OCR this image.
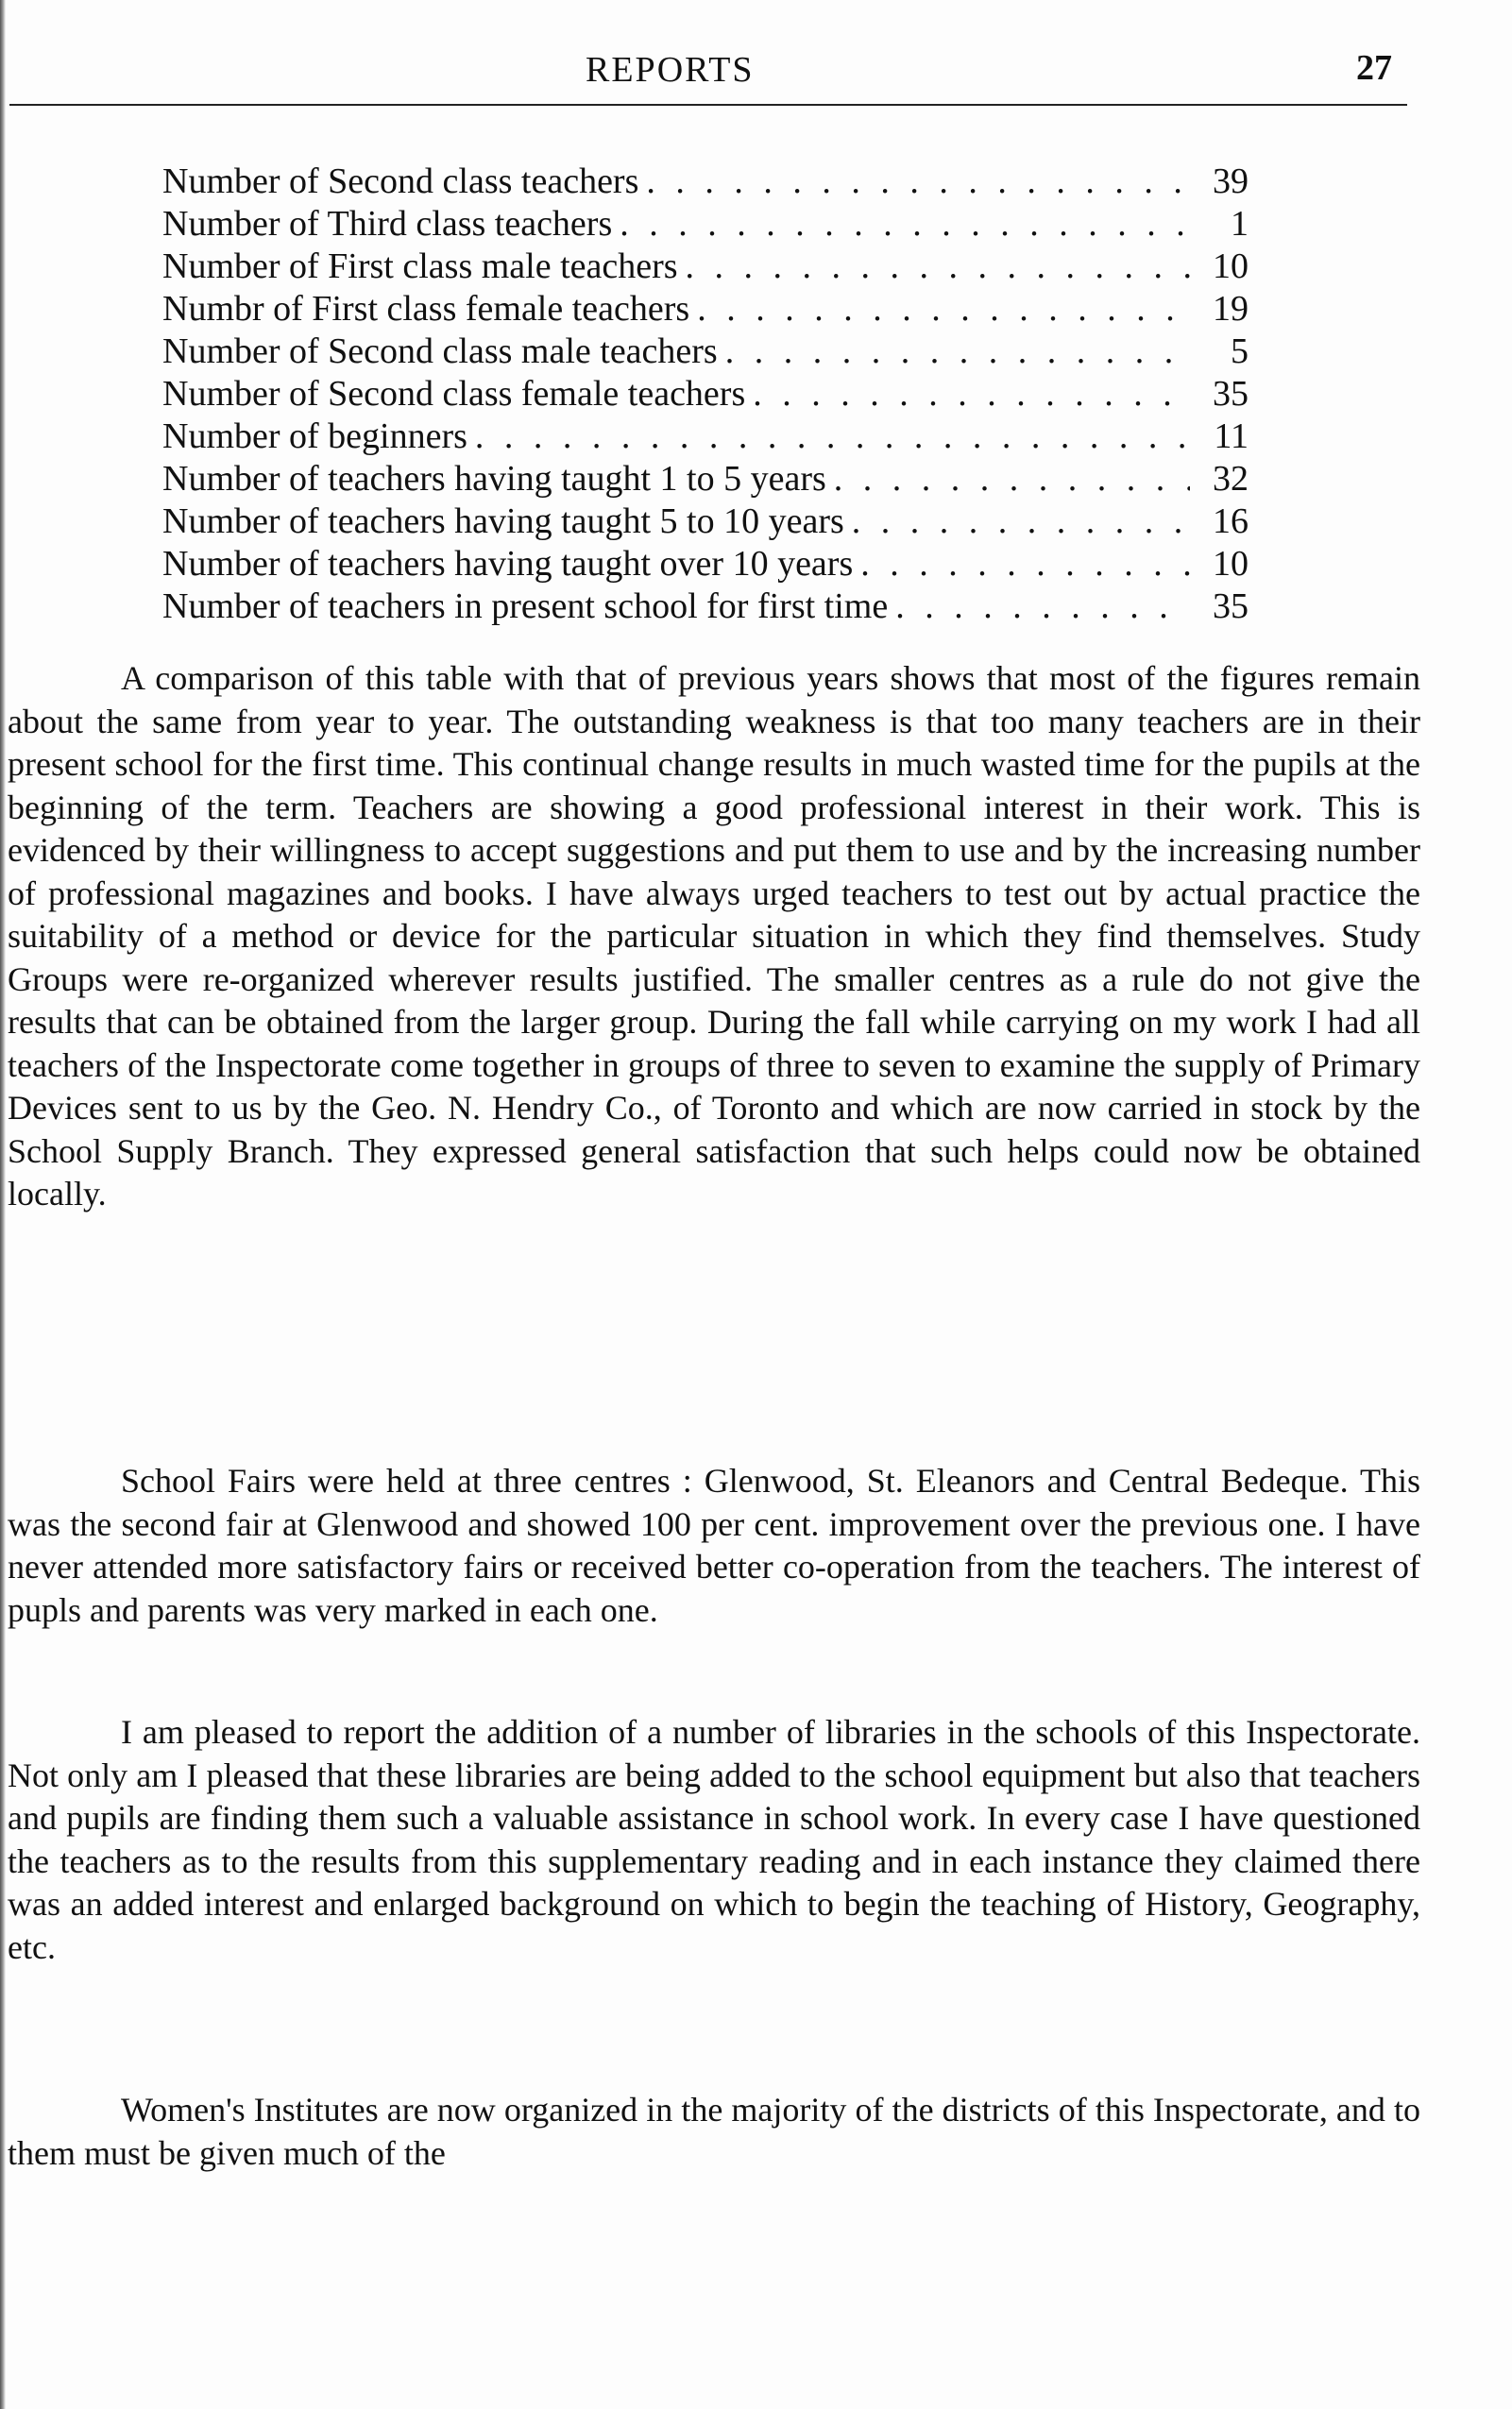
REPORTS	27
Number of Second class teachers . . .	39
Number of Third class teachers . . .	1
Number of First class male teachers . . .	10
Numbr of First class female teachers . . .	19
Number of Second class male teachers . . .	5
Number of Second class female teachers . . .	35
Number of beginners . . .	11
Number of teachers having taught 1 to 5 years . . .	32
Number of teachers having taught 5 to 10 years . . .	16
Number of teachers having taught over 10 years . . .	10
Number of teachers in present school for first time . . .	35

A comparison of this table with that of previous years shows that most of the figures remain about the same from year to year. The outstanding weakness is that too many teachers are in their present school for the first time. This continual change results in much wasted time for the pupils at the beginning of the term. Teachers are showing a good professional interest in their work. This is evidenced by their willingness to accept suggestions and put them to use and by the increasing number of professional magazines and books. I have always urged teachers to test out by actual practice the suitability of a method or device for the particular situation in which they find themselves. Study Groups were re-organized wherever results justified. The smaller centres as a rule do not give the results that can be obtained from the larger group. During the fall while carrying on my work I had all teachers of the Inspectorate come together in groups of three to seven to examine the supply of Primary Devices sent to us by the Geo. N. Hendry Co., of Toronto and which are now carried in stock by the School Supply Branch. They expressed general satisfaction that such helps could now be obtained locally.

School Fairs were held at three centres : Glenwood, St. Eleanors and Central Bedeque. This was the second fair at Glenwood and showed 100 per cent. improvement over the previous one. I have never attended more satisfactory fairs or received better co-operation from the teachers. The interest of pupls and parents was very marked in each one.

I am pleased to report the addition of a number of libraries in the schools of this Inspectorate. Not only am I pleased that these libraries are being added to the school equipment but also that teachers and pupils are finding them such a valuable assistance in school work. In every case I have questioned the teachers as to the results from this supplementary reading and in each instance they claimed there was an added interest and enlarged background on which to begin the teaching of History, Geography, etc.

Women's Institutes are now organized in the majority of the districts of this Inspectorate, and to them must be given much of the
